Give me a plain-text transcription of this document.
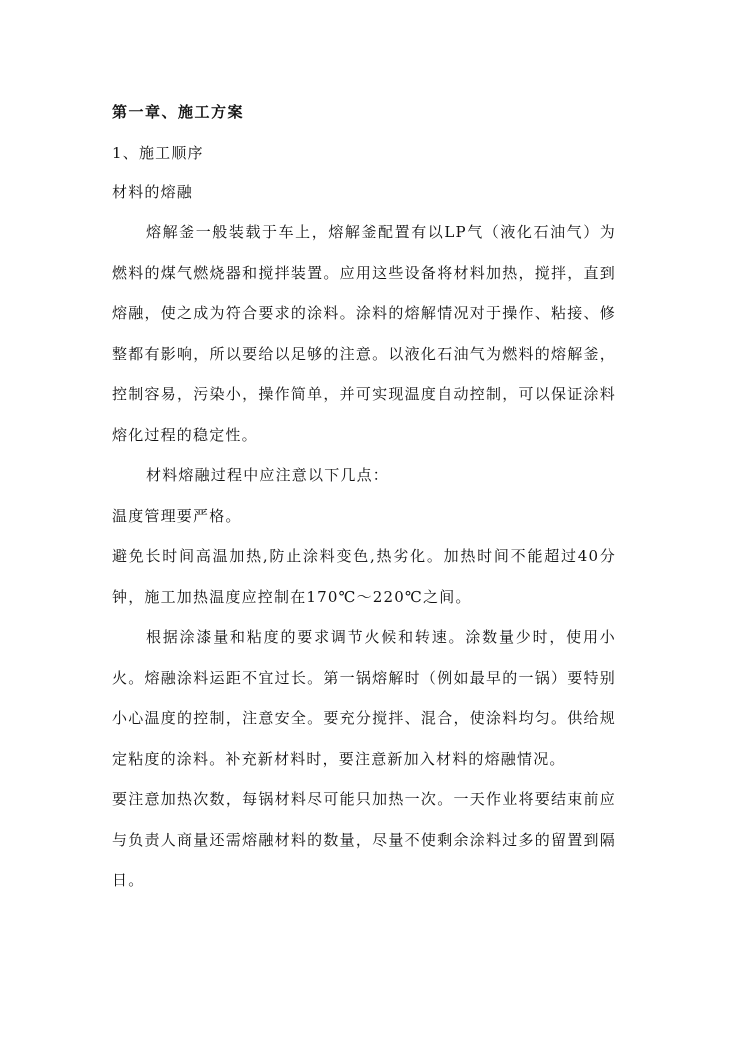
第一章、施工方案

1、施工顺序

材料的熔融

熔解釜一般装载于车上，熔解釜配置有以LP气（液化石油气）为燃料的煤气燃烧器和搅拌装置。应用这些设备将材料加热，搅拌，直到熔融，使之成为符合要求的涂料。涂料的熔解情况对于操作、粘接、修整都有影响，所以要给以足够的注意。以液化石油气为燃料的熔解釜，控制容易，污染小，操作简单，并可实现温度自动控制，可以保证涂料熔化过程的稳定性。

材料熔融过程中应注意以下几点：

温度管理要严格。

避免长时间高温加热,防止涂料变色,热劣化。加热时间不能超过40分钟，施工加热温度应控制在170℃～220℃之间。

根据涂漆量和粘度的要求调节火候和转速。涂数量少时，使用小火。熔融涂料运距不宜过长。第一锅熔解时（例如最早的一锅）要特别小心温度的控制，注意安全。要充分搅拌、混合，使涂料均匀。供给规定粘度的涂料。补充新材料时，要注意新加入材料的熔融情况。

要注意加热次数，每锅材料尽可能只加热一次。一天作业将要结束前应与负责人商量还需熔融材料的数量，尽量不使剩余涂料过多的留置到隔日。
